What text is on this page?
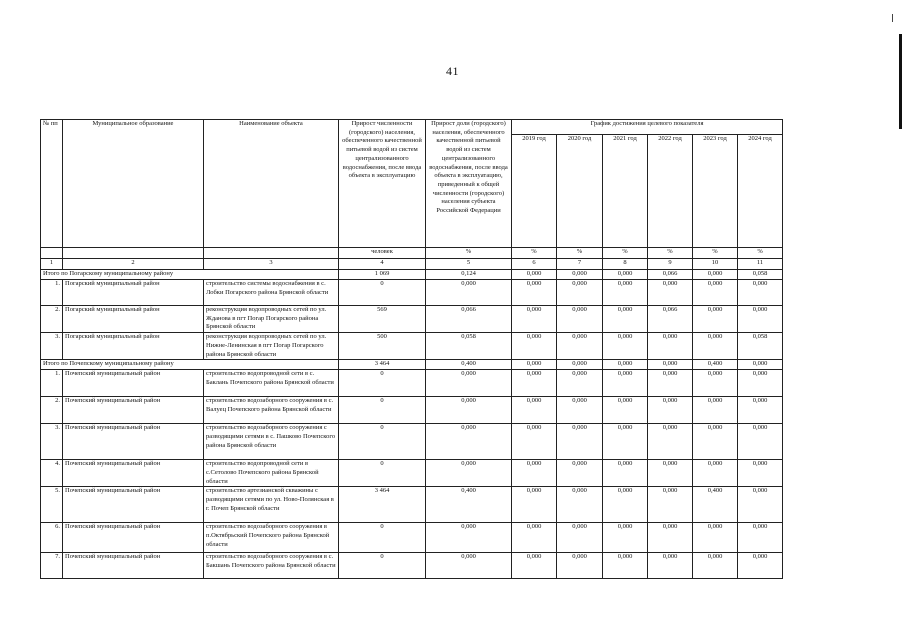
41
№ пп	Муниципальное образование	Наименование объекта	Прирост численности (городского) населения, обеспеченного качественной питьевой водой из систем централизованного водоснабжения, после ввода объекта в эксплуатацию	Прирост доли (городского) населения, обеспеченного качественной питьевой водой из систем централизованного водоснабжения, после ввода объекта в эксплуатацию, приведенный к общей численности (городского) населения субъекта Российской Федерации	График достижения целевого показателя					
					2019 год	2020 год	2021 год	2022 год	2023 год	2024 год
			человек	%	%	%	%	%	%	%
1	2	3	4	5	6	7	8	9	10	11
Итого по Погарскому муниципальному району			1 069	0,124	0,000	0,000	0,000	0,066	0,000	0,058
1.	Погарский муниципальный район	строительство системы водоснабжения в с. Лобки Погарского района Брянской области	0	0,000	0,000	0,000	0,000	0,000	0,000	0,000
2.	Погарский муниципальный район	реконструкция водопроводных сетей по ул. Жданова в пгт Погар Погарского района Брянской области	569	0,066	0,000	0,000	0,000	0,066	0,000	0,000
3.	Погарский муниципальный район	реконструкция водопроводных сетей по ул. Нижне-Ленинская в пгт Погар Погарского района Брянской области	500	0,058	0,000	0,000	0,000	0,000	0,000	0,058
Итого по Почепскому муниципальному району			3 464	0,400	0,000	0,000	0,000	0,000	0,400	0,000
1.	Почепский муниципальный район	строительство водопроводной сети в с. Баклань Почепского района Брянской области	0	0,000	0,000	0,000	0,000	0,000	0,000	0,000
2.	Почепский муниципальный район	строительство водозаборного сооружения в с. Валуец Почепского района Брянской области	0	0,000	0,000	0,000	0,000	0,000	0,000	0,000
3.	Почепский муниципальный район	строительство водозаборного сооружения с разводящими сетями в с. Пашково Почепского района Брянской области	0	0,000	0,000	0,000	0,000	0,000	0,000	0,000
4.	Почепский муниципальный район	строительство водопроводной сети в с.Сетолово Почепского района Брянской области	0	0,000	0,000	0,000	0,000	0,000	0,000	0,000
5.	Почепский муниципальный район	строительство артезианской скважины с разводящими сетями по ул. Ново-Полянская в г. Почеп Брянской области	3 464	0,400	0,000	0,000	0,000	0,000	0,400	0,000
6.	Почепский муниципальный район	строительство водозаборного сооружения в п.Октябрьский Почепского района Брянской области	0	0,000	0,000	0,000	0,000	0,000	0,000	0,000
7.	Почепский муниципальный район	строительство водозаборного сооружения в с. Бакшань Почепского района Брянской области	0	0,000	0,000	0,000	0,000	0,000	0,000	0,000
